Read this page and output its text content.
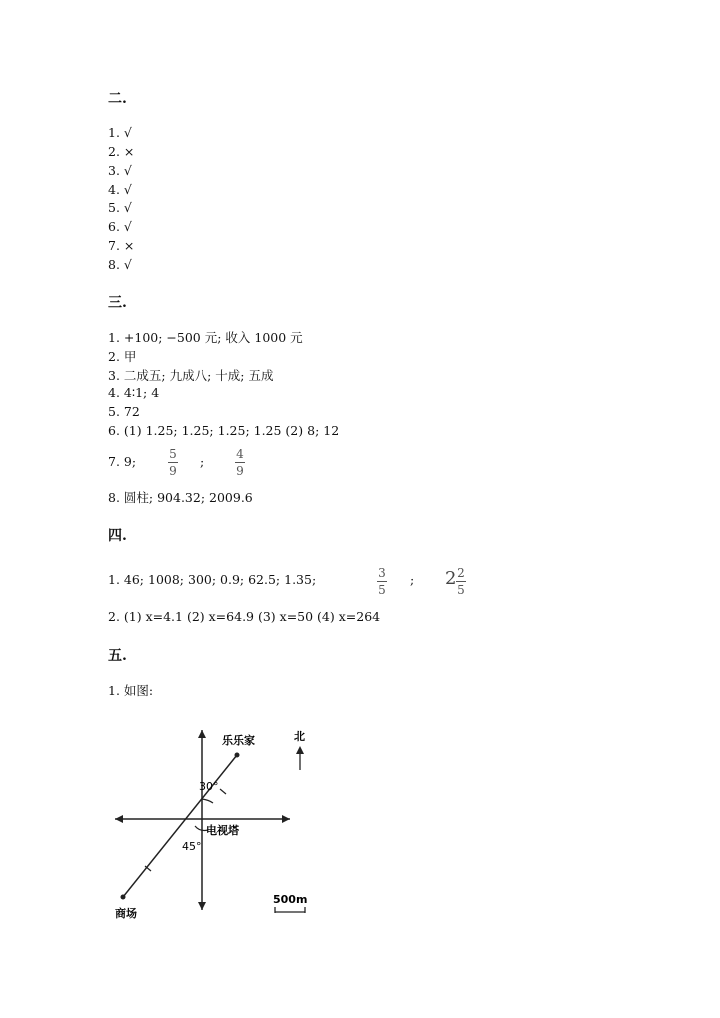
二.
1. √
2. ×
3. √
4. √
5. √
6. √
7. ×
8. √
三.
1. +100; −500 元; 收入 1000 元
2. 甲
3. 二成五; 九成八; 十成; 五成
4. 4∶1; 4
5. 72
6. (1) 1.25; 1.25; 1.25; 1.25 (2) 8; 12
7. 9;	5
9
;	4
9
8. 圆柱; 904.32; 2009.6
四.
1. 46; 1008; 300; 0.9; 62.5; 1.35;	3
5
; 2 2
5
2. (1) x=4.1 (2) x=64.9 (3) x=50 (4) x=264
五.
1. 如图:
乐乐家
30°
电视塔
45°
商场
北
500m
